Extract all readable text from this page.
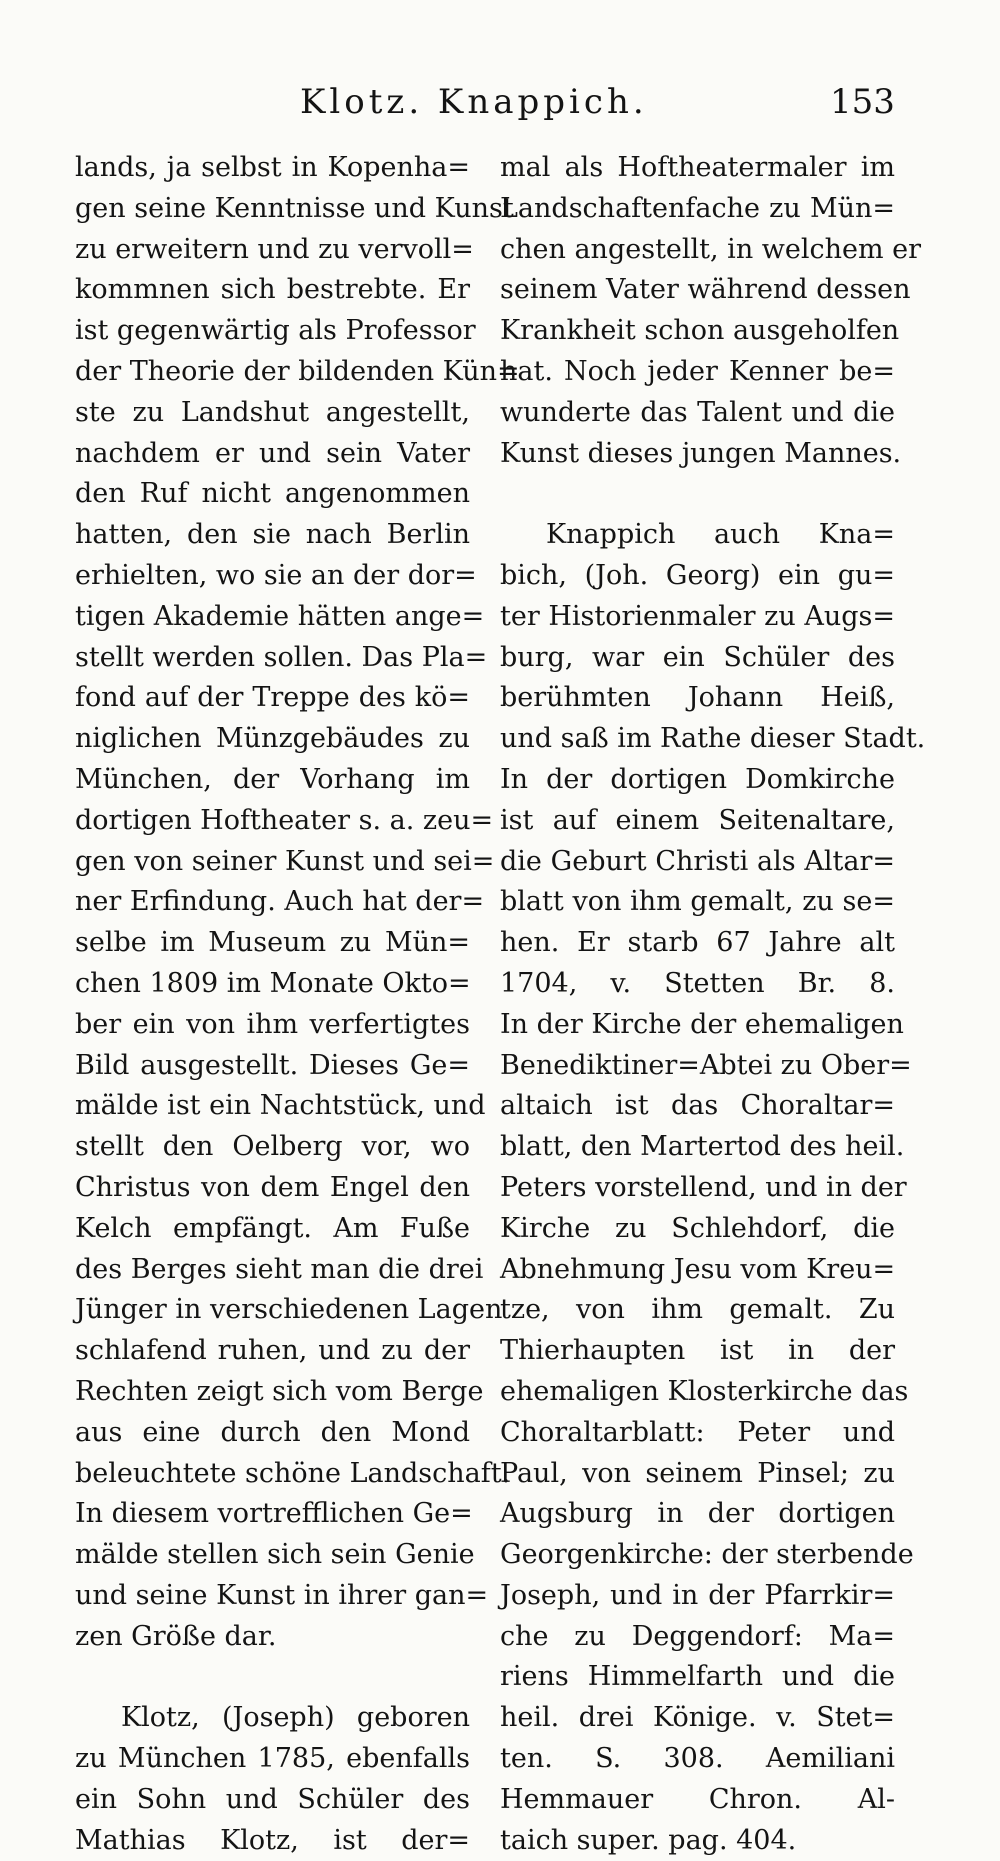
Klotz. Knappich.	153
lands, ja selbst in Kopenha=
gen seine Kenntnisse und Kunst
zu erweitern und zu vervoll=
kommnen sich bestrebte. Er
ist gegenwärtig als Professor
der Theorie der bildenden Kün=
ste zu Landshut angestellt,
nachdem er und sein Vater
den Ruf nicht angenommen
hatten, den sie nach Berlin
erhielten, wo sie an der dor=
tigen Akademie hätten ange=
stellt werden sollen. Das Pla=
fond auf der Treppe des kö=
niglichen Münzgebäudes zu
München, der Vorhang im
dortigen Hoftheater s. a. zeu=
gen von seiner Kunst und sei=
ner Erfindung. Auch hat der=
selbe im Museum zu Mün=
chen 1809 im Monate Okto=
ber ein von ihm verfertigtes
Bild ausgestellt. Dieses Ge=
mälde ist ein Nachtstück, und
stellt den Oelberg vor, wo
Christus von dem Engel den
Kelch empfängt. Am Fuße
des Berges sieht man die drei
Jünger in verschiedenen Lagen
schlafend ruhen, und zu der
Rechten zeigt sich vom Berge
aus eine durch den Mond
beleuchtete schöne Landschaft.
In diesem vortrefflichen Ge=
mälde stellen sich sein Genie
und seine Kunst in ihrer gan=
zen Größe dar.
Klotz, (Joseph) geboren
zu München 1785, ebenfalls
ein Sohn und Schüler des
Mathias Klotz, ist der=
mal als Hoftheatermaler im
Landschaftenfache zu Mün=
chen angestellt, in welchem er
seinem Vater während dessen
Krankheit schon ausgeholfen
hat. Noch jeder Kenner be=
wunderte das Talent und die
Kunst dieses jungen Mannes.
Knappich auch Kna=
bich, (Joh. Georg) ein gu=
ter Historienmaler zu Augs=
burg, war ein Schüler des
berühmten Johann Heiß,
und saß im Rathe dieser Stadt.
In der dortigen Domkirche
ist auf einem Seitenaltare,
die Geburt Christi als Altar=
blatt von ihm gemalt, zu se=
hen. Er starb 67 Jahre alt
1704, v. Stetten Br. 8.
In der Kirche der ehemaligen
Benediktiner=Abtei zu Ober=
altaich ist das Choraltar=
blatt, den Martertod des heil.
Peters vorstellend, und in der
Kirche zu Schlehdorf, die
Abnehmung Jesu vom Kreu=
tze, von ihm gemalt. Zu
Thierhaupten ist in der
ehemaligen Klosterkirche das
Choraltarblatt: Peter und
Paul, von seinem Pinsel; zu
Augsburg in der dortigen
Georgenkirche: der sterbende
Joseph, und in der Pfarrkir=
che zu Deggendorf: Ma=
riens Himmelfarth und die
heil. drei Könige. v. Stet=
ten. S. 308. Aemiliani
Hemmauer Chron. Al-
taich super. pag. 404.
